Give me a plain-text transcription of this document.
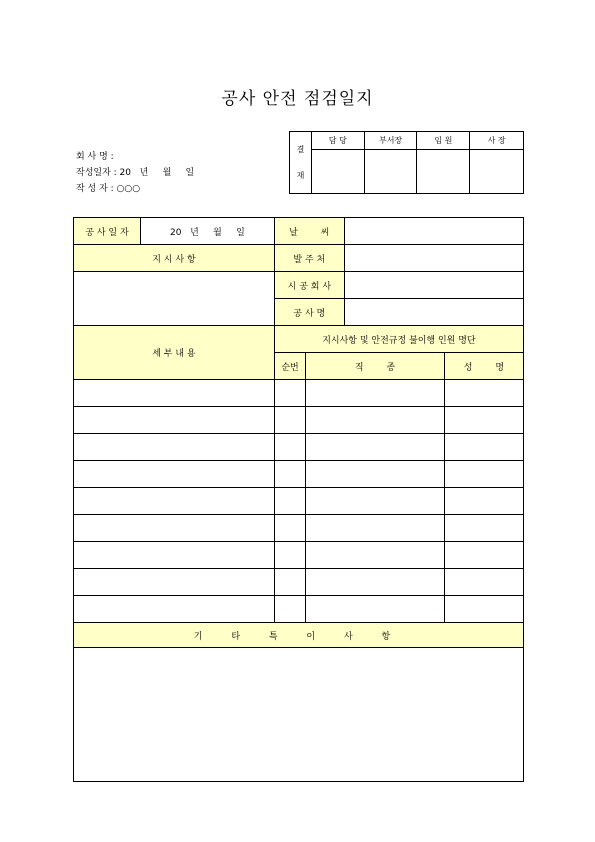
공사 안전 점검일지
회 사 명 :
작성일자 : 20   년     월     일
작 성 자 : ○○○
결
재	담 당	부서장	임 원	사 장

공 사 일 자	20   년     월     일	날        씨			
지 시 사 항		발 주 처			
		시 공 회 사			
		공 사 명			
세 부 내 용		지시사항 및 안전규정 불이행 인원 명단			
		순번	직        종		성        명

기 타 특 이 사 항					
